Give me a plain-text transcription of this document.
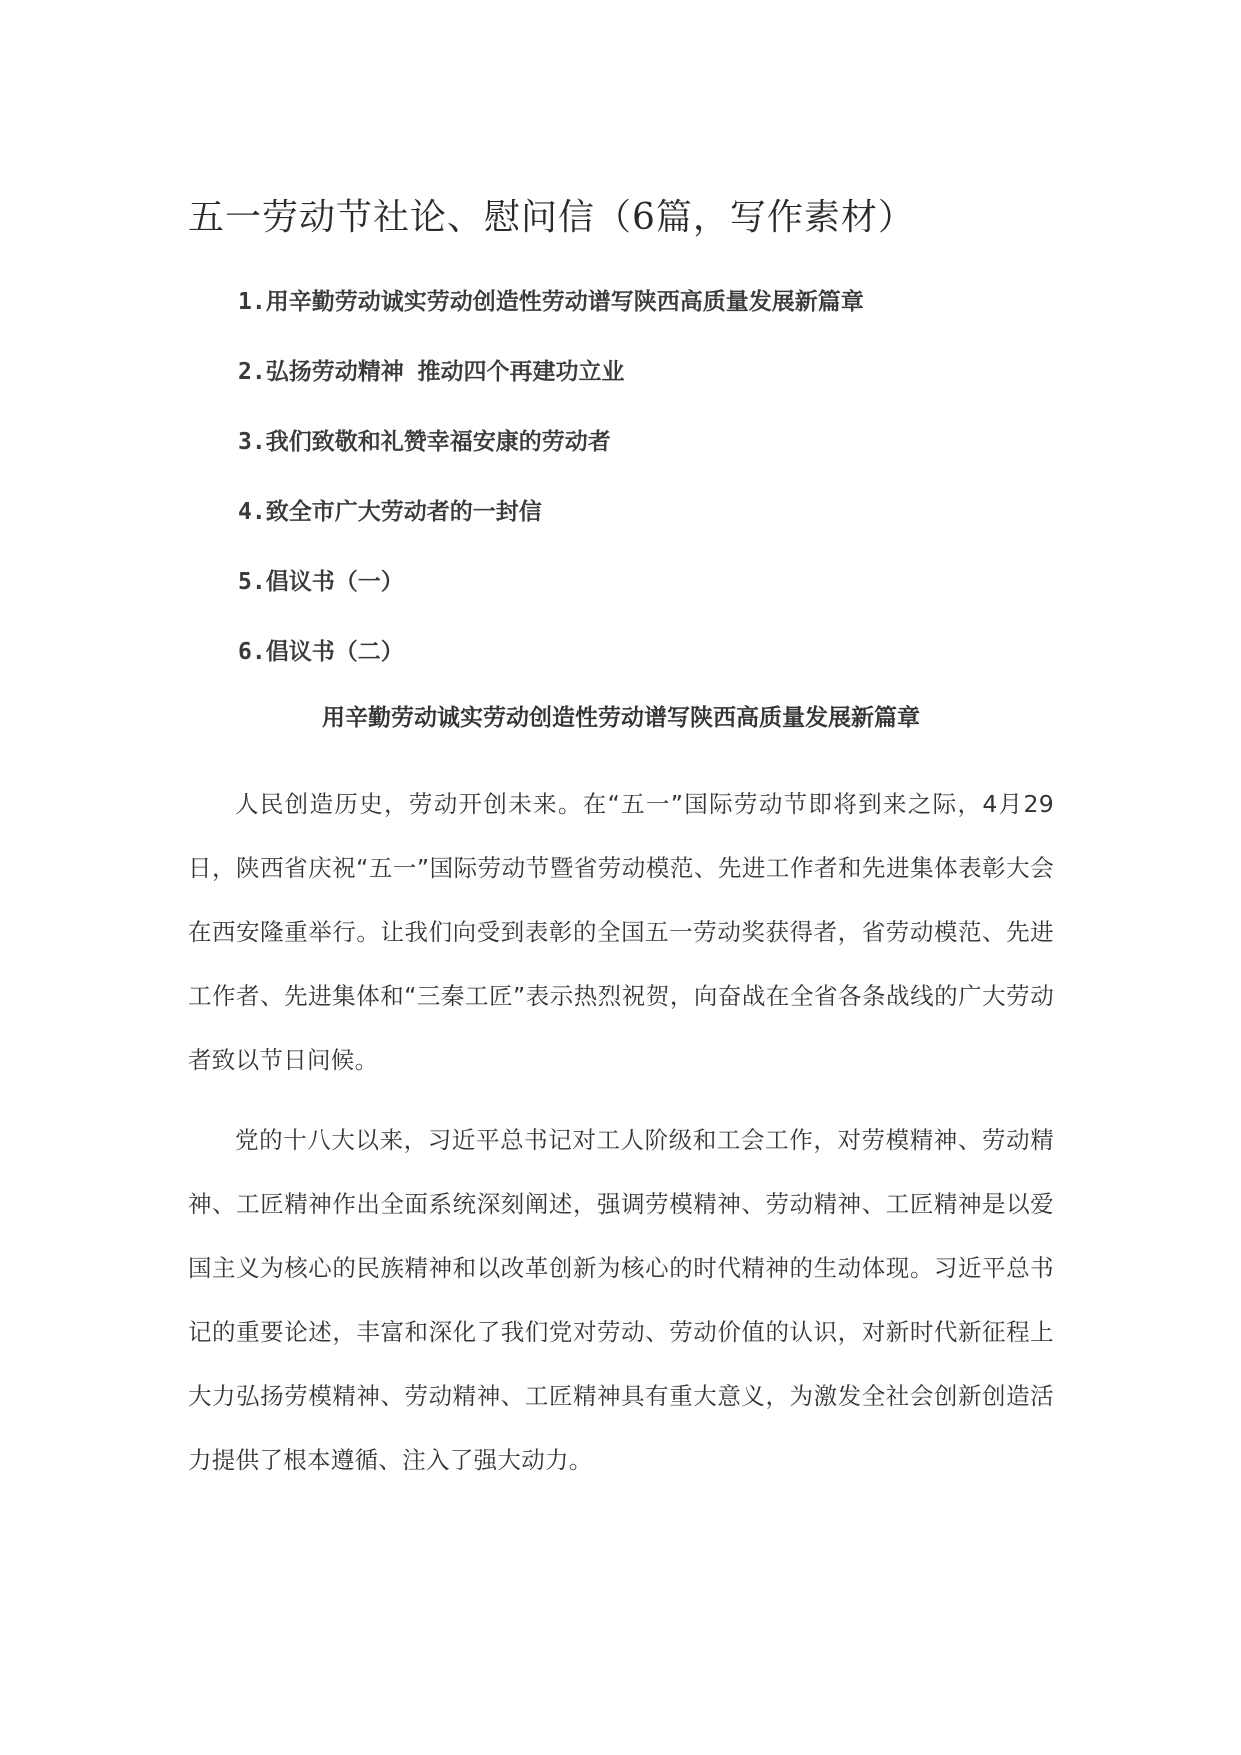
五一劳动节社论、慰问信（6篇，写作素材）
1.用辛勤劳动诚实劳动创造性劳动谱写陕西高质量发展新篇章
2.弘扬劳动精神 推动四个再建功立业
3.我们致敬和礼赞幸福安康的劳动者
4.致全市广大劳动者的一封信
5.倡议书（一）
6.倡议书（二）
用辛勤劳动诚实劳动创造性劳动谱写陕西高质量发展新篇章

人民创造历史，劳动开创未来。在“五一”国际劳动节即将到来之际，4月29日，陕西省庆祝“五一”国际劳动节暨省劳动模范、先进工作者和先进集体表彰大会在西安隆重举行。让我们向受到表彰的全国五一劳动奖获得者，省劳动模范、先进工作者、先进集体和“三秦工匠”表示热烈祝贺，向奋战在全省各条战线的广大劳动者致以节日问候。

党的十八大以来，习近平总书记对工人阶级和工会工作，对劳模精神、劳动精神、工匠精神作出全面系统深刻阐述，强调劳模精神、劳动精神、工匠精神是以爱国主义为核心的民族精神和以改革创新为核心的时代精神的生动体现。习近平总书记的重要论述，丰富和深化了我们党对劳动、劳动价值的认识，对新时代新征程上大力弘扬劳模精神、劳动精神、工匠精神具有重大意义，为激发全社会创新创造活力提供了根本遵循、注入了强大动力。
